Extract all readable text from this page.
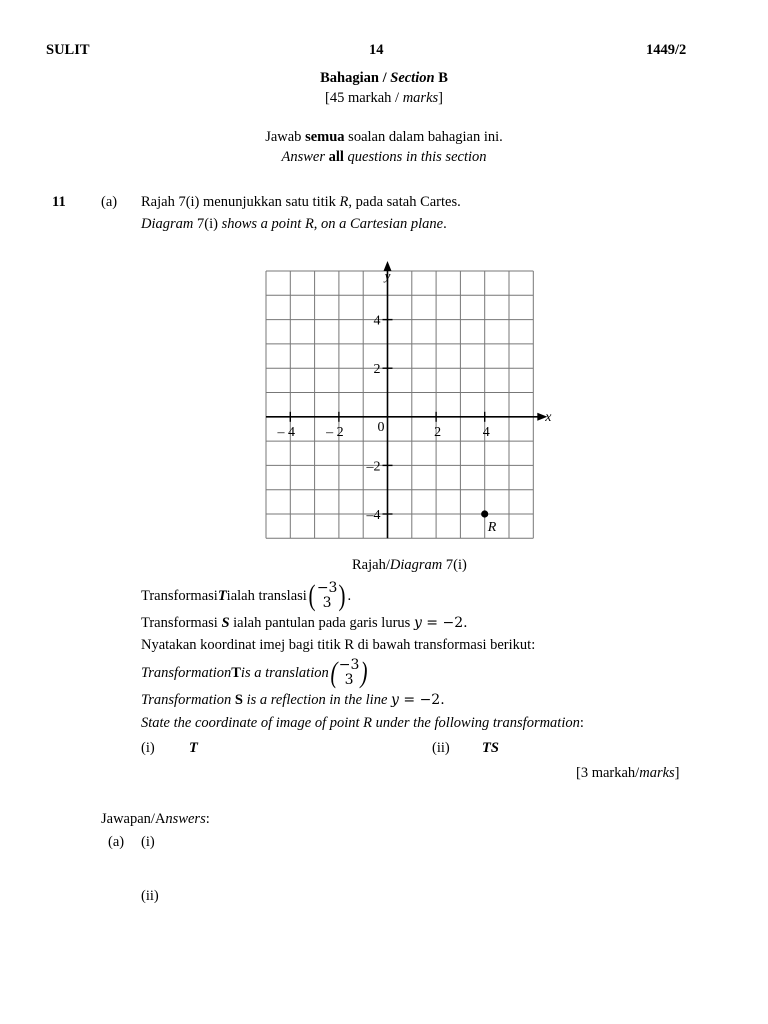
SULIT	14	1449/2
Bahagian / Section B
[45 markah / marks]
Jawab semua soalan dalam bahagian ini.
Answer all questions in this section
11 (a) Rajah 7(i) menunjukkan satu titik R, pada satah Cartes.
Diagram 7(i) shows a point R, on a Cartesian plane.
x
y
0
– 4 – 2	2	4
4
2
–2
–4
R
Rajah/Diagram 7(i)
Transformasi T ialah translasi ( −3
3 ) .
Transformasi S ialah pantulan pada garis lurus y = −2.
Nyatakan koordinat imej bagi titik R di bawah transformasi berikut:
Transformation T is a translation ( −3
3 )
Transformation S is a reflection in the line y = −2.
State the coordinate of image of point R under the following transformation:
(i) T	(ii) TS
[3 markah/marks]
Jawapan/Answers:
(a) (i)
(ii)
